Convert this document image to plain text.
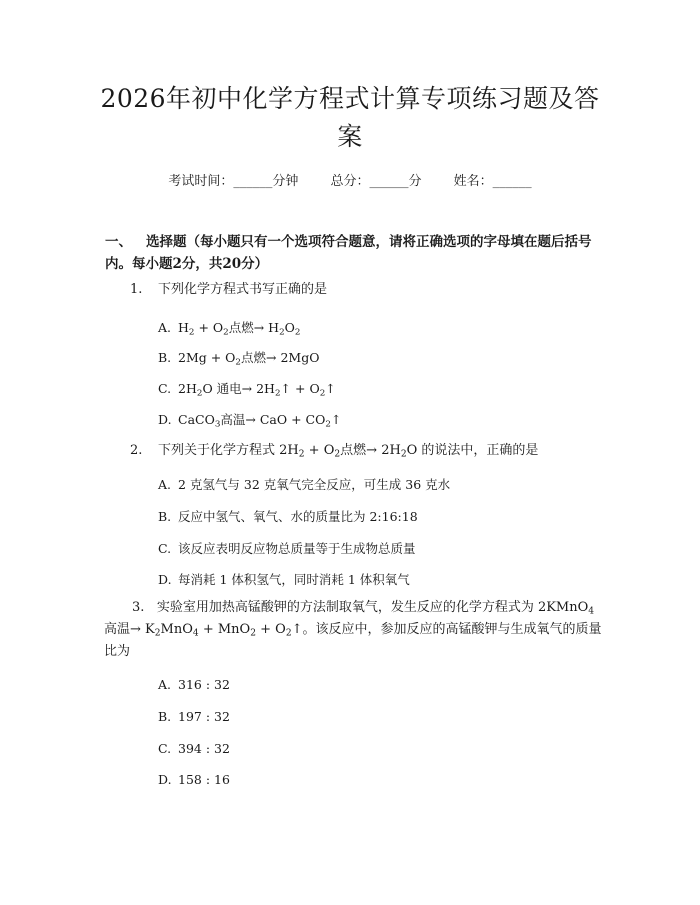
2026年初中化学方程式计算专项练习题及答案
考试时间：______分钟 总分：______分 姓名：______
一、 选择题（每小题只有一个选项符合题意，请将正确选项的字母填在题后括号内。每小题2分，共20分）
1. 下列化学方程式书写正确的是
A. $H_2 + O_2$点燃→ $H_2O_2$
B. $2Mg + O_2$点燃→ 2MgO
C. $2H_2O$ 通电→ $2H_2↑$ + $O_2↑$
D. CaCO$_3$高温→ CaO + $CO_2↑$
2. 下列关于化学方程式 $2H_2 + O_2$点燃→ $2H_2O$ 的说法中，正确的是
A. 2 克氢气与 32 克氧气完全反应，可生成 36 克水
B. 反应中氢气、氧气、水的质量比为 2:16:18
C. 该反应表明反应物总质量等于生成物总质量
D. 每消耗 1 体积氢气，同时消耗 1 体积氧气
3. 实验室用加热高锰酸钾的方法制取氧气，发生反应的化学方程式为 2KMnO$_4$高温→ $K_2MnO_4 + MnO_2$ + $O_2↑$。该反应中，参加反应的高锰酸钾与生成氧气的质量比为
A. 316 : 32
B. 197 : 32
C. 394 : 32
D. 158 : 16
